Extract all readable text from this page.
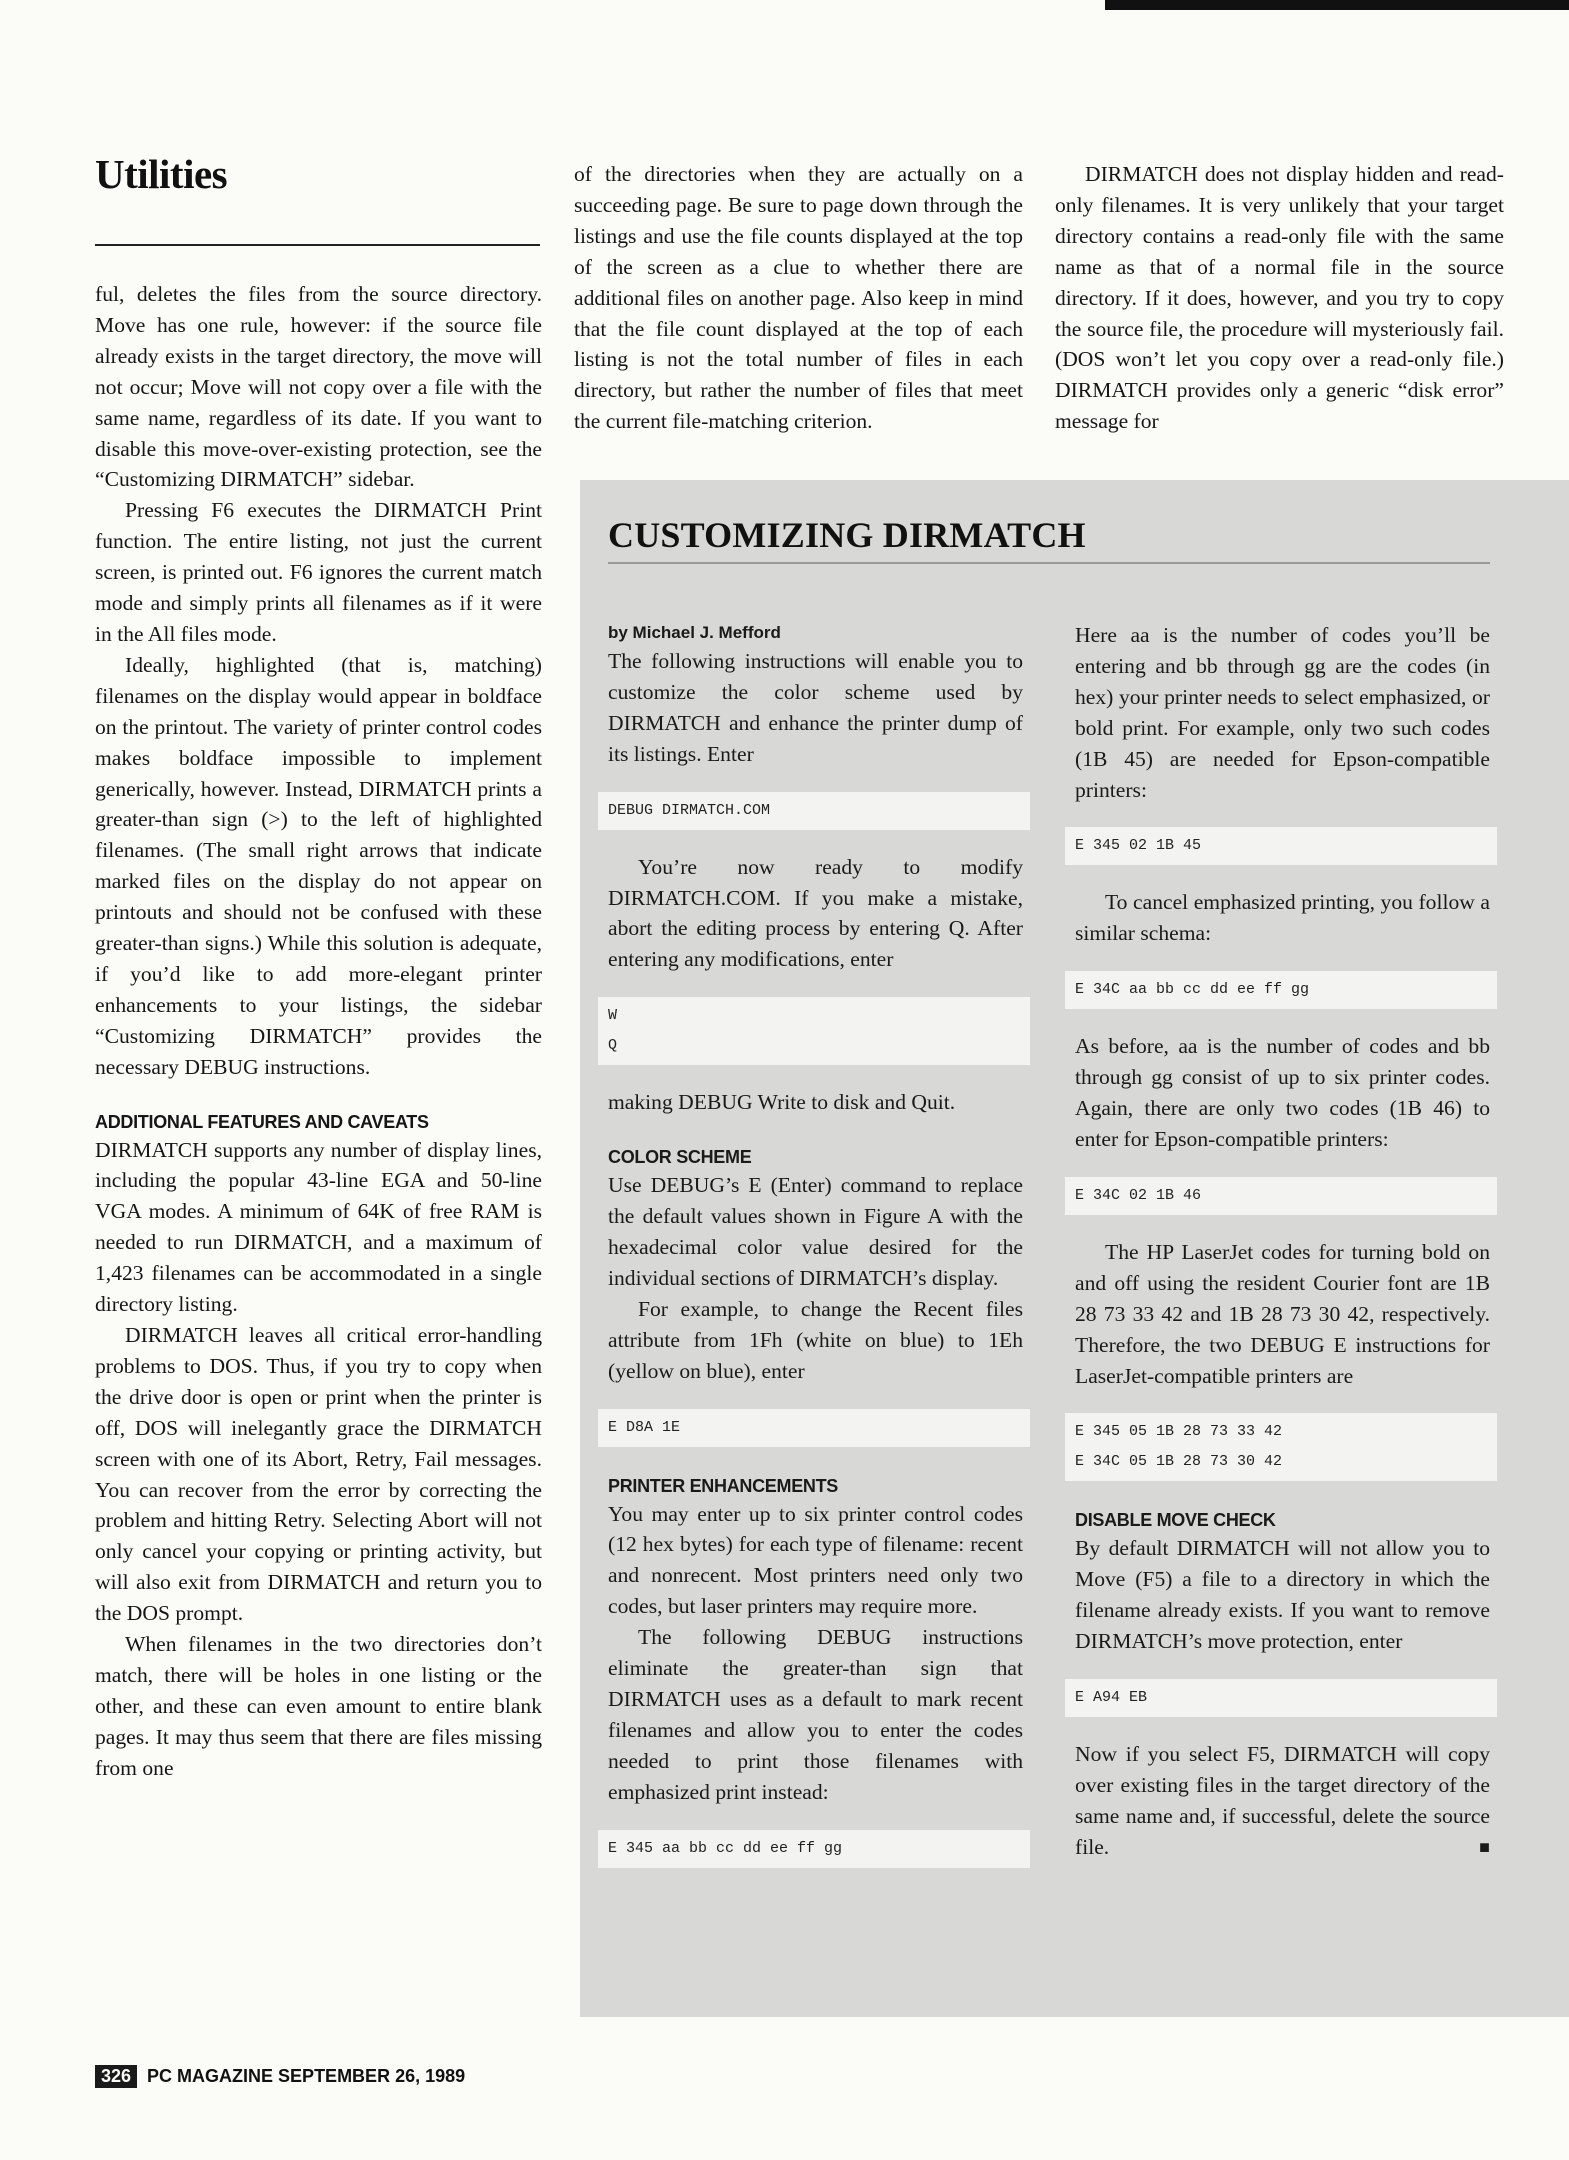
Utilities

ful, deletes the files from the source directory. Move has one rule, however: if the source file already exists in the target directory, the move will not occur; Move will not copy over a file with the same name, regardless of its date. If you want to disable this move-over-existing protection, see the “Customizing DIRMATCH” sidebar.

Pressing F6 executes the DIRMATCH Print function. The entire listing, not just the current screen, is printed out. F6 ignores the current match mode and simply prints all filenames as if it were in the All files mode.

Ideally, highlighted (that is, matching) filenames on the display would appear in boldface on the printout. The variety of printer control codes makes boldface impossible to implement generically, however. Instead, DIRMATCH prints a greater-than sign (>) to the left of highlighted filenames. (The small right arrows that indicate marked files on the display do not appear on printouts and should not be confused with these greater-than signs.) While this solution is adequate, if you’d like to add more-elegant printer enhancements to your listings, the sidebar “Customizing DIRMATCH” provides the necessary DEBUG instructions.

ADDITIONAL FEATURES AND CAVEATS

DIRMATCH supports any number of display lines, including the popular 43-line EGA and 50-line VGA modes. A minimum of 64K of free RAM is needed to run DIRMATCH, and a maximum of 1,423 filenames can be accommodated in a single directory listing.

DIRMATCH leaves all critical error-handling problems to DOS. Thus, if you try to copy when the drive door is open or print when the printer is off, DOS will inelegantly grace the DIRMATCH screen with one of its Abort, Retry, Fail messages. You can recover from the error by correcting the problem and hitting Retry. Selecting Abort will not only cancel your copying or printing activity, but will also exit from DIRMATCH and return you to the DOS prompt.

When filenames in the two directories don’t match, there will be holes in one listing or the other, and these can even amount to entire blank pages. It may thus seem that there are files missing from one

of the directories when they are actually on a succeeding page. Be sure to page down through the listings and use the file counts displayed at the top of the screen as a clue to whether there are additional files on another page. Also keep in mind that the file count displayed at the top of each listing is not the total number of files in each directory, but rather the number of files that meet the current file-matching criterion.

DIRMATCH does not display hidden and read-only filenames. It is very unlikely that your target directory contains a read-only file with the same name as that of a normal file in the source directory. If it does, however, and you try to copy the source file, the procedure will mysteriously fail. (DOS won’t let you copy over a read-only file.) DIRMATCH provides only a generic “disk error” message for

CUSTOMIZING DIRMATCH
by Michael J. Mefford

The following instructions will enable you to customize the color scheme used by DIRMATCH and enhance the printer dump of its listings. Enter

DEBUG DIRMATCH.COM

You’re now ready to modify DIRMATCH.COM. If you make a mistake, abort the editing process by entering Q. After entering any modifications, enter

W
Q

making DEBUG Write to disk and Quit.

COLOR SCHEME

Use DEBUG’s E (Enter) command to replace the default values shown in Figure A with the hexadecimal color value desired for the individual sections of DIRMATCH’s display.

For example, to change the Recent files attribute from 1Fh (white on blue) to 1Eh (yellow on blue), enter

E D8A 1E
PRINTER ENHANCEMENTS

You may enter up to six printer control codes (12 hex bytes) for each type of filename: recent and nonrecent. Most printers need only two codes, but laser printers may require more.

The following DEBUG instructions eliminate the greater-than sign that DIRMATCH uses as a default to mark recent filenames and allow you to enter the codes needed to print those filenames with emphasized print instead:

E 345 aa bb cc dd ee ff gg

Here aa is the number of codes you’ll be entering and bb through gg are the codes (in hex) your printer needs to select emphasized, or bold print. For example, only two such codes (1B 45) are needed for Epson-compatible printers:

E 345 02 1B 45

To cancel emphasized printing, you follow a similar schema:

E 34C aa bb cc dd ee ff gg

As before, aa is the number of codes and bb through gg consist of up to six printer codes. Again, there are only two codes (1B 46) to enter for Epson-compatible printers:

E 34C 02 1B 46

The HP LaserJet codes for turning bold on and off using the resident Courier font are 1B 28 73 33 42 and 1B 28 73 30 42, respectively. Therefore, the two DEBUG E instructions for LaserJet-compatible printers are

E 345 05 1B 28 73 33 42
E 34C 05 1B 28 73 30 42
DISABLE MOVE CHECK

By default DIRMATCH will not allow you to Move (F5) a file to a directory in which the filename already exists. If you want to remove DIRMATCH’s move protection, enter

E A94 EB

Now if you select F5, DIRMATCH will copy over existing files in the target directory of the same name and, if successful, delete the source file.	■

326 PC MAGAZINE SEPTEMBER 26, 1989
